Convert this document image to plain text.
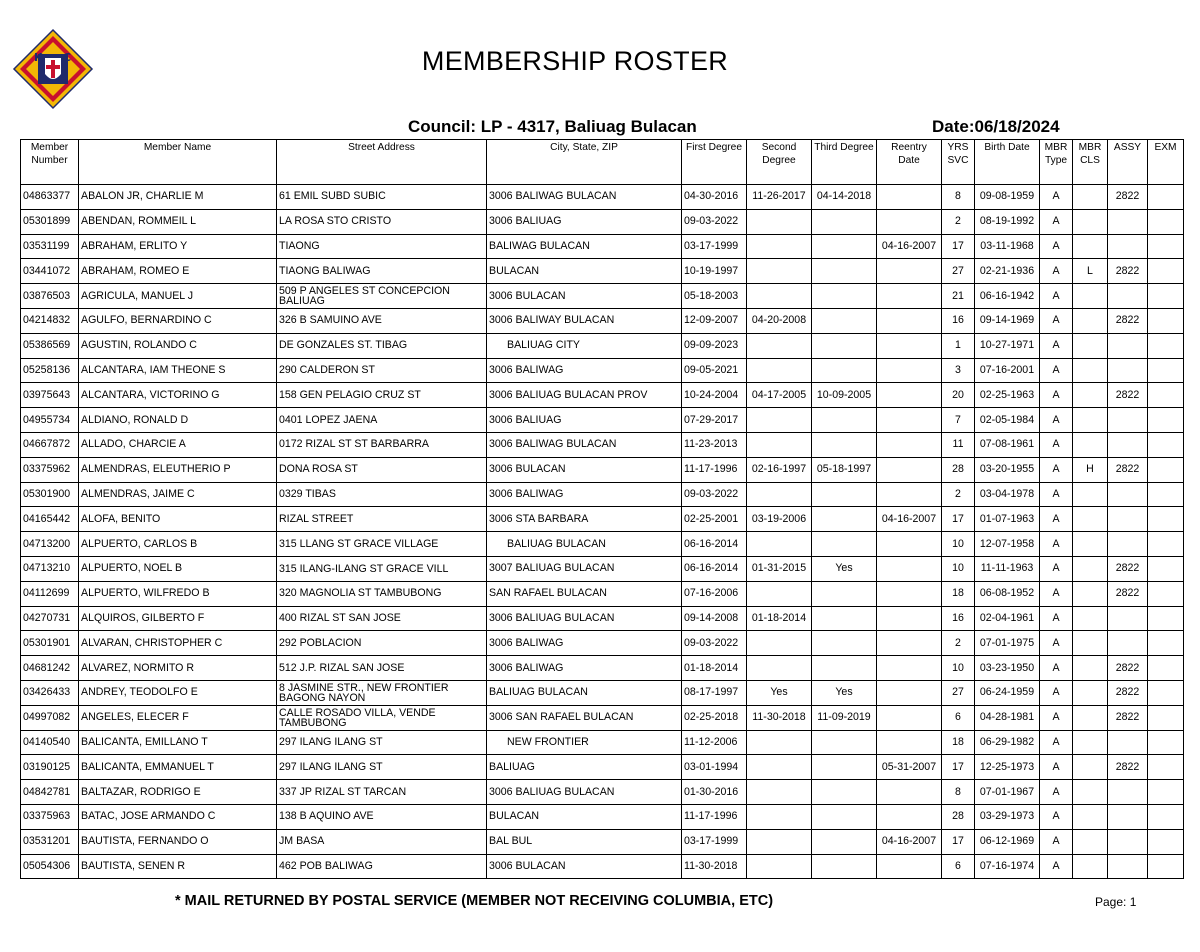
K C	MEMBERSHIP ROSTER
Council: LP - 4317, Baliuag Bulacan	Date:06/18/2024
Member Number	Member Name	Street Address	City, State, ZIP	First Degree	Second Degree	Third Degree	Reentry Date	YRS SVC	Birth Date	MBR Type	MBR CLS	ASSY	EXM
04863377	ABALON JR, CHARLIE M	61 EMIL SUBD SUBIC	3006 BALIWAG BULACAN	04-30-2016	11-26-2017	04-14-2018		8	09-08-1959	A		2822	
05301899	ABENDAN, ROMMEIL L	LA ROSA STO CRISTO	3006 BALIUAG	09-03-2022				2	08-19-1992	A			
03531199	ABRAHAM, ERLITO Y	TIAONG	BALIWAG BULACAN	03-17-1999			04-16-2007	17	03-11-1968	A			
03441072	ABRAHAM, ROMEO E	TIAONG BALIWAG	BULACAN	10-19-1997				27	02-21-1936	A	L	2822	
03876503	AGRICULA, MANUEL J	509 P ANGELES ST CONCEPCION BALIUAG	3006 BULACAN	05-18-2003				21	06-16-1942	A			
04214832	AGULFO, BERNARDINO C	326 B SAMUINO AVE	3006 BALIWAY BULACAN	12-09-2007	04-20-2008			16	09-14-1969	A		2822	
05386569	AGUSTIN, ROLANDO C	DE GONZALES ST. TIBAG	BALIUAG CITY	09-09-2023				1	10-27-1971	A			
05258136	ALCANTARA, IAM THEONE S	290 CALDERON ST	3006 BALIWAG	09-05-2021				3	07-16-2001	A			
03975643	ALCANTARA, VICTORINO G	158 GEN PELAGIO CRUZ ST	3006 BALIUAG BULACAN PROV	10-24-2004	04-17-2005	10-09-2005		20	02-25-1963	A		2822	
04955734	ALDIANO, RONALD D	0401 LOPEZ JAENA	3006 BALIUAG	07-29-2017				7	02-05-1984	A			
04667872	ALLADO, CHARCIE A	0172 RIZAL ST ST BARBARRA	3006 BALIWAG BULACAN	11-23-2013				11	07-08-1961	A			
03375962	ALMENDRAS, ELEUTHERIO P	DONA ROSA ST	3006 BULACAN	11-17-1996	02-16-1997	05-18-1997		28	03-20-1955	A	H	2822	
05301900	ALMENDRAS, JAIME C	0329 TIBAS	3006 BALIWAG	09-03-2022				2	03-04-1978	A			
04165442	ALOFA, BENITO	RIZAL STREET	3006 STA BARBARA	02-25-2001	03-19-2006		04-16-2007	17	01-07-1963	A			
04713200	ALPUERTO, CARLOS B	315 LLANG ST GRACE VILLAGE	BALIUAG BULACAN	06-16-2014				10	12-07-1958	A			
04713210	ALPUERTO, NOEL B	315 ILANG-ILANG ST GRACE VILL	3007 BALIUAG BULACAN	06-16-2014	01-31-2015	Yes		10	11-11-1963	A		2822	
04112699	ALPUERTO, WILFREDO B	320 MAGNOLIA ST TAMBUBONG	SAN RAFAEL BULACAN	07-16-2006				18	06-08-1952	A		2822	
04270731	ALQUIROS, GILBERTO F	400 RIZAL ST SAN JOSE	3006 BALIUAG BULACAN	09-14-2008	01-18-2014			16	02-04-1961	A			
05301901	ALVARAN, CHRISTOPHER C	292 POBLACION	3006 BALIWAG	09-03-2022				2	07-01-1975	A			
04681242	ALVAREZ, NORMITO R	512 J.P. RIZAL SAN JOSE	3006 BALIWAG	01-18-2014				10	03-23-1950	A		2822	
03426433	ANDREY, TEODOLFO E	8 JASMINE STR., NEW FRONTIER BAGONG NAYON	BALIUAG BULACAN	08-17-1997	Yes	Yes		27	06-24-1959	A		2822	
04997082	ANGELES, ELECER F	CALLE ROSADO VILLA, VENDE TAMBUBONG	3006 SAN RAFAEL BULACAN	02-25-2018	11-30-2018	11-09-2019		6	04-28-1981	A		2822	
04140540	BALICANTA, EMILLANO T	297 ILANG ILANG ST	NEW FRONTIER	11-12-2006				18	06-29-1982	A			
03190125	BALICANTA, EMMANUEL T	297 ILANG ILANG ST	BALIUAG	03-01-1994			05-31-2007	17	12-25-1973	A		2822	
04842781	BALTAZAR, RODRIGO E	337 JP RIZAL ST TARCAN	3006 BALIUAG BULACAN	01-30-2016				8	07-01-1967	A			
03375963	BATAC, JOSE ARMANDO C	138 B AQUINO AVE	BULACAN	11-17-1996				28	03-29-1973	A			
03531201	BAUTISTA, FERNANDO O	JM BASA	BAL BUL	03-17-1999			04-16-2007	17	06-12-1969	A			
05054306	BAUTISTA, SENEN R	462 POB BALIWAG	3006 BULACAN	11-30-2018				6	07-16-1974	A			
* MAIL RETURNED BY POSTAL SERVICE (MEMBER NOT RECEIVING COLUMBIA, ETC)	Page: 1
